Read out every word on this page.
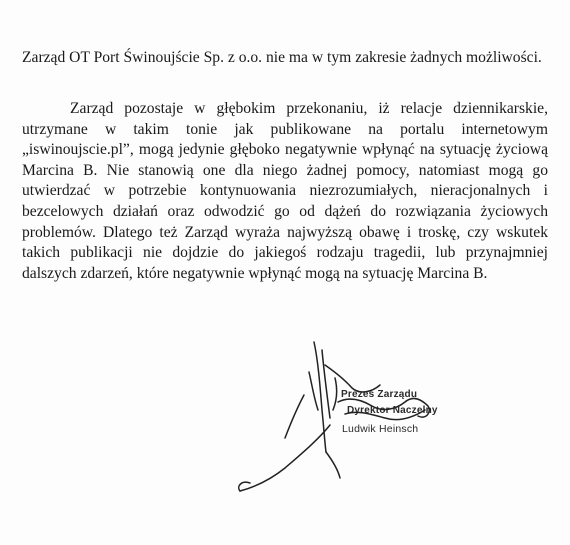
Zarząd OT Port Świnoujście Sp. z o.o. nie ma w tym zakresie żadnych możliwości.

Zarząd pozostaje w głębokim przekonaniu, iż relacje dziennikarskie, utrzymane w takim tonie jak publikowane na portalu internetowym „iswinoujscie.pl”, mogą jedynie głęboko negatywnie wpłynąć na sytuację życiową Marcina B. Nie stanowią one dla niego żadnej pomocy, natomiast mogą go utwierdzać w potrzebie kontynuowania niezrozumiałych, nieracjonalnych i bezcelowych działań oraz odwodzić go od dążeń do rozwiązania życiowych problemów. Dlatego też Zarząd wyraża najwyższą obawę i troskę, czy wskutek takich publikacji nie dojdzie do jakiegoś rodzaju tragedii, lub przynajmniej dalszych zdarzeń, które negatywnie wpłynąć mogą na sytuację Marcina B.

Prezes Zarządu
Dyrektor Naczelny
Ludwik Heinsch
